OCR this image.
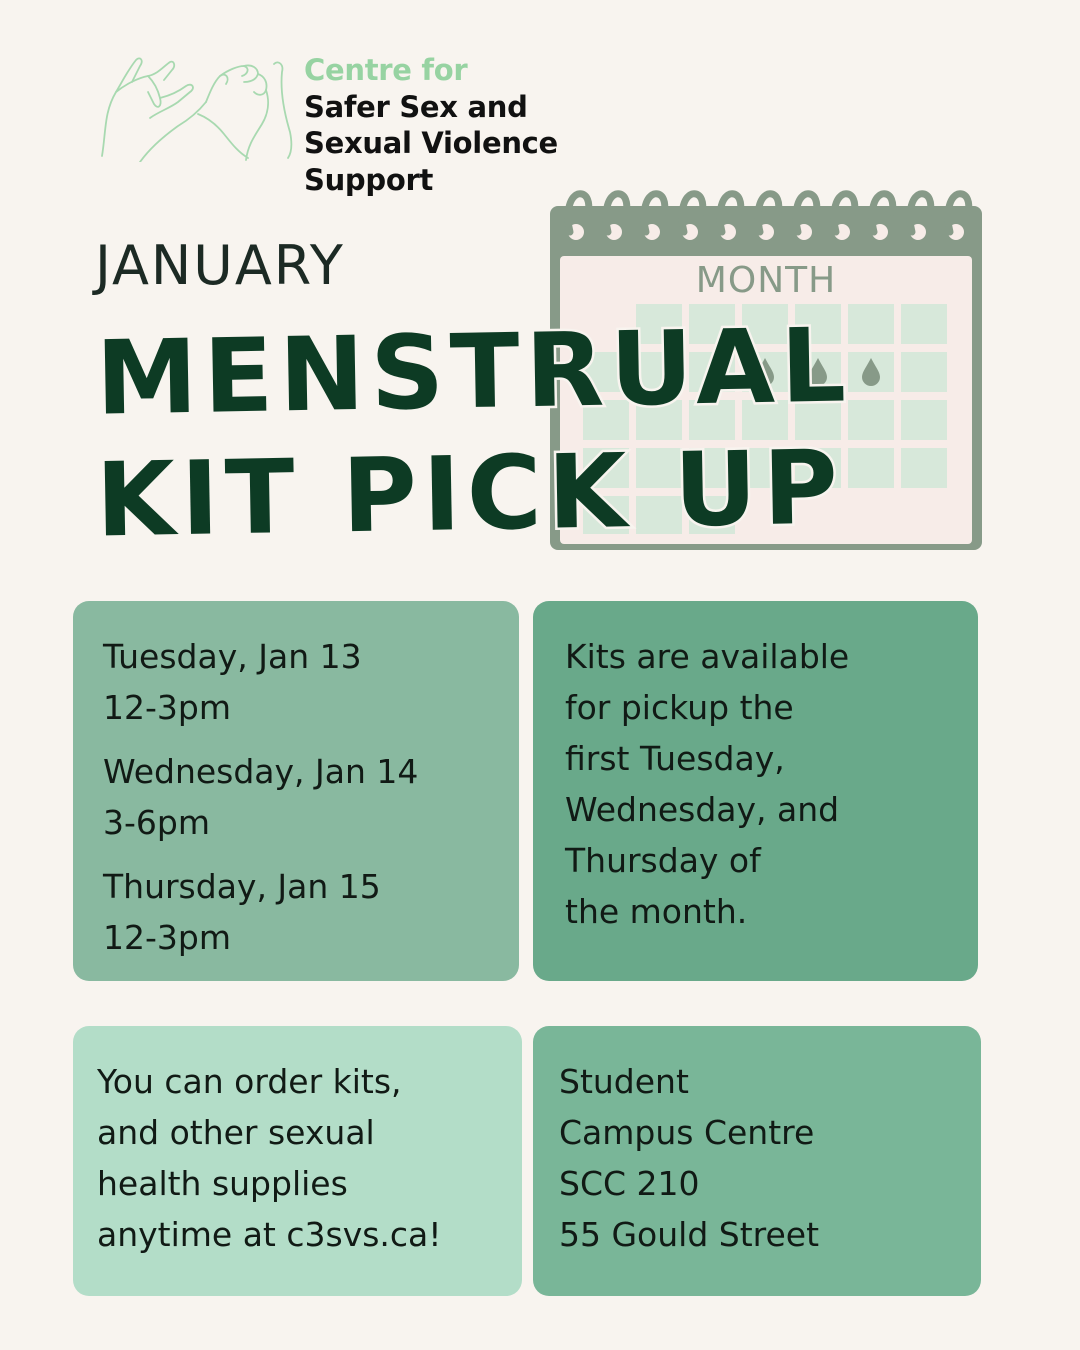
Centre for
Safer Sex and
Sexual Violence
Support
MONTH
JANUARY
MENSTRUAL
KIT PICK UP

Tuesday, Jan 13

12-3pm

Wednesday, Jan 14

3-6pm

Thursday, Jan 15

12-3pm

Kits are available

for pickup the

first Tuesday,

Wednesday, and

Thursday of

the month.

You can order kits,

and other sexual

health supplies

anytime at c3svs.ca!

Student

Campus Centre

SCC 210

55 Gould Street
